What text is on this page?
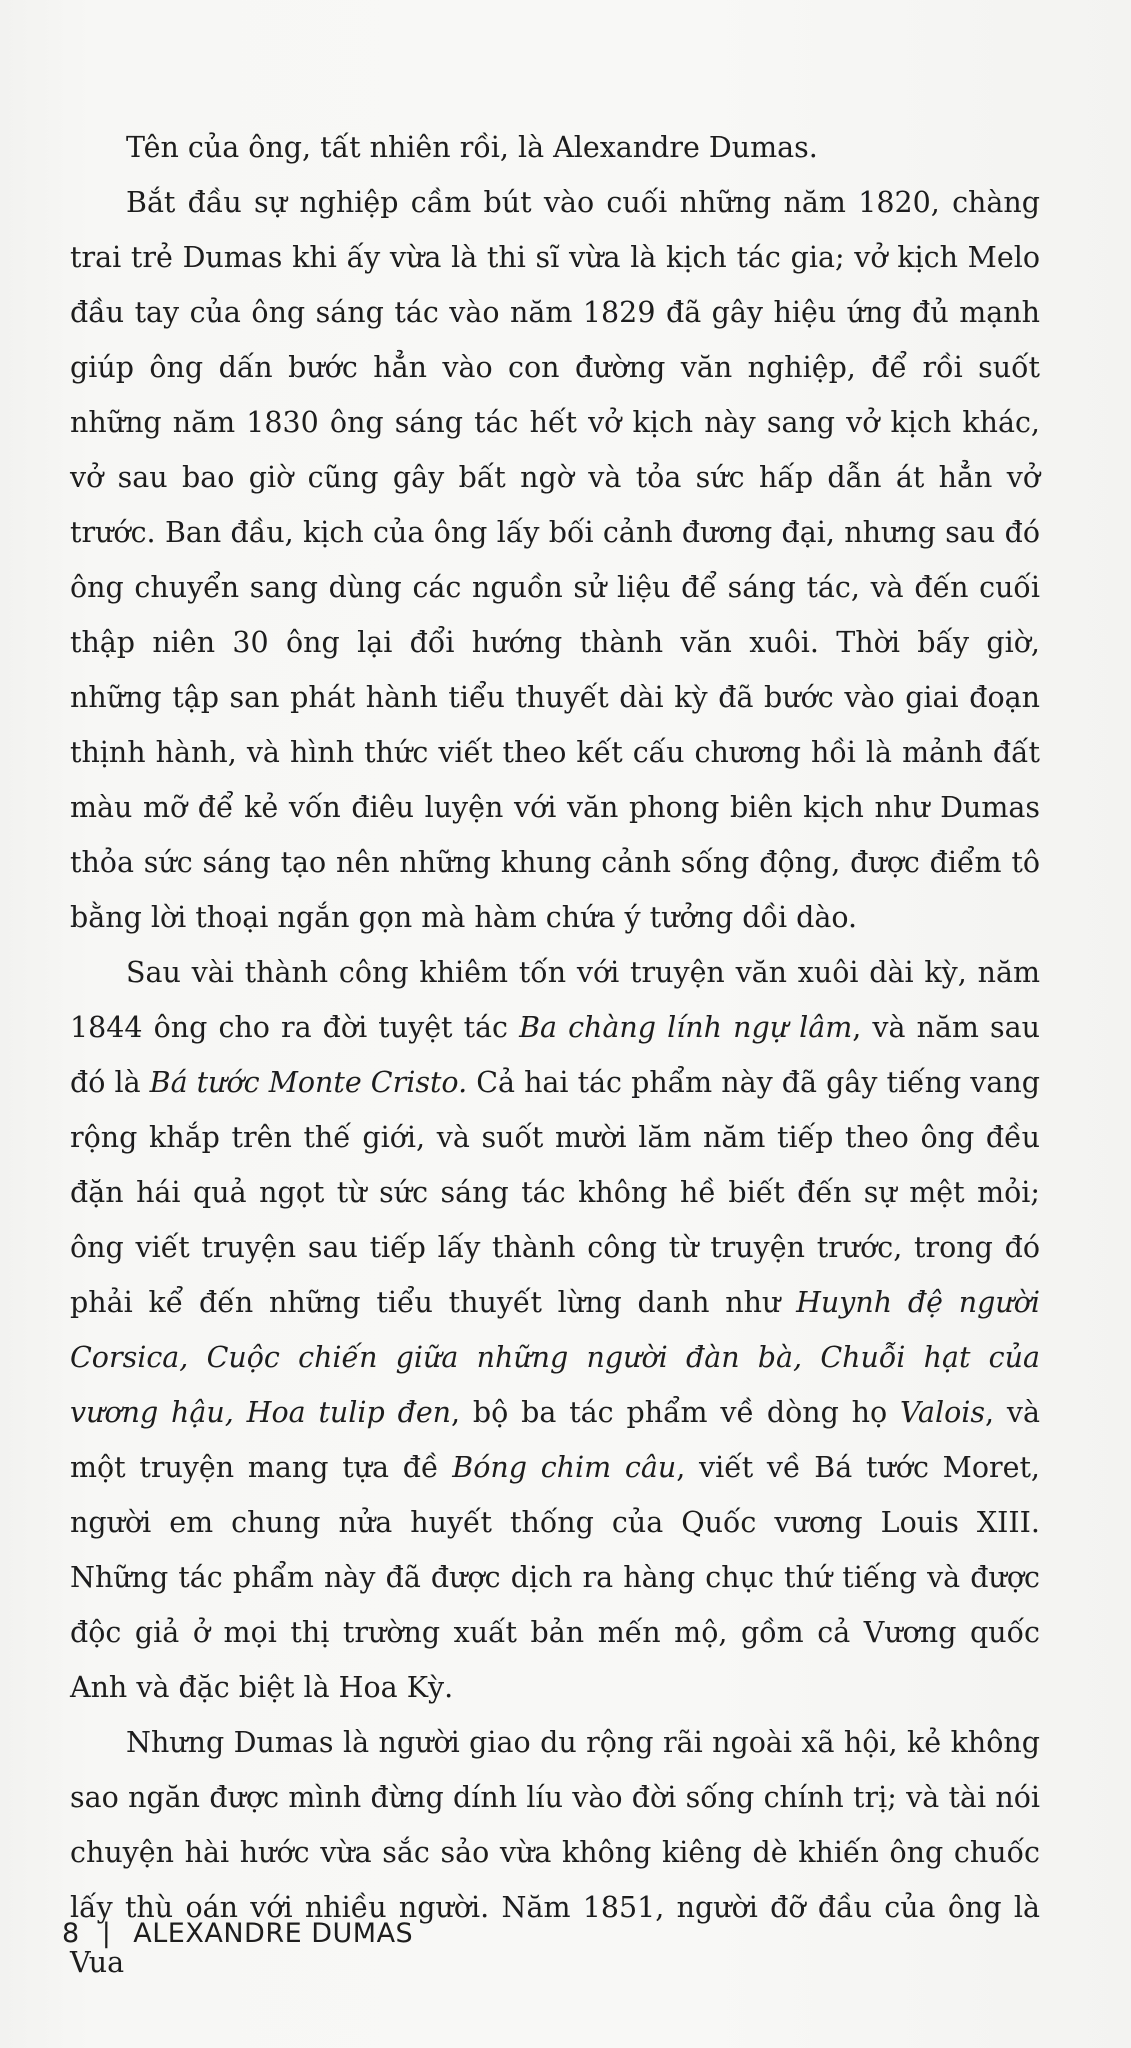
Tên của ông, tất nhiên rồi, là Alexandre Dumas.

Bắt đầu sự nghiệp cầm bút vào cuối những năm 1820, chàng trai trẻ Dumas khi ấy vừa là thi sĩ vừa là kịch tác gia; vở kịch Melo đầu tay của ông sáng tác vào năm 1829 đã gây hiệu ứng đủ mạnh giúp ông dấn bước hẳn vào con đường văn nghiệp, để rồi suốt những năm 1830 ông sáng tác hết vở kịch này sang vở kịch khác, vở sau bao giờ cũng gây bất ngờ và tỏa sức hấp dẫn át hẳn vở trước. Ban đầu, kịch của ông lấy bối cảnh đương đại, nhưng sau đó ông chuyển sang dùng các nguồn sử liệu để sáng tác, và đến cuối thập niên 30 ông lại đổi hướng thành văn xuôi. Thời bấy giờ, những tập san phát hành tiểu thuyết dài kỳ đã bước vào giai đoạn thịnh hành, và hình thức viết theo kết cấu chương hồi là mảnh đất màu mỡ để kẻ vốn điêu luyện với văn phong biên kịch như Dumas thỏa sức sáng tạo nên những khung cảnh sống động, được điểm tô bằng lời thoại ngắn gọn mà hàm chứa ý tưởng dồi dào.

Sau vài thành công khiêm tốn với truyện văn xuôi dài kỳ, năm 1844 ông cho ra đời tuyệt tác Ba chàng lính ngự lâm, và năm sau đó là Bá tước Monte Cristo. Cả hai tác phẩm này đã gây tiếng vang rộng khắp trên thế giới, và suốt mười lăm năm tiếp theo ông đều đặn hái quả ngọt từ sức sáng tác không hề biết đến sự mệt mỏi; ông viết truyện sau tiếp lấy thành công từ truyện trước, trong đó phải kể đến những tiểu thuyết lừng danh như Huynh đệ người Corsica, Cuộc chiến giữa những người đàn bà, Chuỗi hạt của vương hậu, Hoa tulip đen, bộ ba tác phẩm về dòng họ Valois, và một truyện mang tựa đề Bóng chim câu, viết về Bá tước Moret, người em chung nửa huyết thống của Quốc vương Louis XIII. Những tác phẩm này đã được dịch ra hàng chục thứ tiếng và được độc giả ở mọi thị trường xuất bản mến mộ, gồm cả Vương quốc Anh và đặc biệt là Hoa Kỳ.

Nhưng Dumas là người giao du rộng rãi ngoài xã hội, kẻ không sao ngăn được mình đừng dính líu vào đời sống chính trị; và tài nói chuyện hài hước vừa sắc sảo vừa không kiêng dè khiến ông chuốc lấy thù oán với nhiều người. Năm 1851, người đỡ đầu của ông là Vua

8 | ALEXANDRE DUMAS
